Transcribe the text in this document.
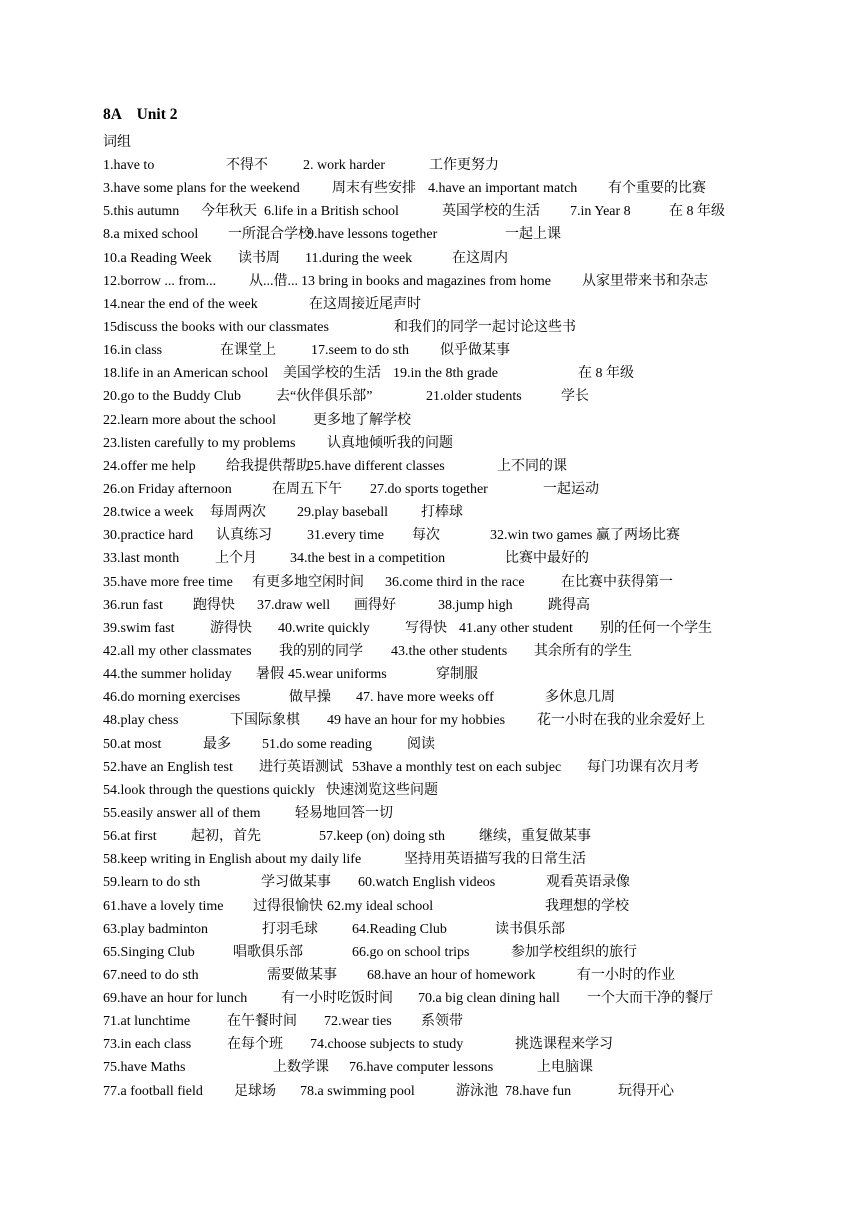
8A    Unit 2
词组
1.have to	不得不	2. work harder	工作更努力
3.have some plans for the weekend 周末有些安排 4.have an important match 有个重要的比赛
5.this autumn 今年秋天 6.life in a British school	英国学校的生活 7.in Year 8	在 8 年级
8.a mixed school 一所混合学校
9.have lessons together	一起上课
10.a Reading Week 读书周 11.during the week	在这周内
12.borrow ... from... 从...借... 13 bring in books and magazines from home 从家里带来书和杂志
14.near the end of the week	在这周接近尾声时
15discuss the books with our classmates	和我们的同学一起讨论这些书
16.in class	在课堂上	17.seem to do sth 似乎做某事
18.life in an American school 美国学校的生活 19.in the 8th grade	在 8 年级
20.go to the Buddy Club 去“伙伴俱乐部”	21.older students	学长
22.learn more about the school	更多地了解学校
23.listen carefully to my problems 认真地倾听我的问题
24.offer me help 给我提供帮助
25.have different classes	上不同的课
26.on Friday afternoon	在周五下午 27.do sports together	一起运动
28.twice a week 每周两次 29.play baseball 打棒球
30.practice hard 认真练习	31.every time 每次	32.win two games 赢了两场比赛
33.last month	上个月 34.the best in a competition	比赛中最好的
35.have more free time 有更多地空闲时间 36.come third in the race	在比赛中获得第一
36.run fast 跑得快 37.draw well 画得好	38.jump high	跳得高
39.swim fast	游得快 40.write quickly	写得快 41.any other student 别的任何一个学生
42.all my other classmates 我的别的同学 43.the other students 其余所有的学生
44.the summer holiday 暑假 45.wear uniforms	穿制服
46.do morning exercises	做早操 47. have more weeks off	多休息几周
48.play chess	下国际象棋 49 have an hour for my hobbies 花一小时在我的业余爱好上
50.at most	最多 51.do some reading 阅读
52.have an English test 进行英语测试 53have a monthly test on each subjec 每门功课有次月考
54.look through the questions quickly 快速浏览这些问题
55.easily answer all of them 轻易地回答一切
56.at first 起初，首先	57.keep (on) doing sth 继续，重复做某事
58.keep writing in English about my daily life	坚持用英语描写我的日常生活
59.learn to do sth	学习做某事 60.watch English videos	观看英语录像
61.have a lovely time 过得很愉快 62.my ideal school	我理想的学校
63.play badminton	打羽毛球 64.Reading Club	读书俱乐部
65.Singing Club	唱歌俱乐部	66.go on school trips	参加学校组织的旅行
67.need to do sth	需要做某事 68.have an hour of homework	有一小时的作业
69.have an hour for lunch 有一小时吃饭时间 70.a big clean dining hall 一个大而干净的餐厅
71.at lunchtime	在午餐时间 72.wear ties 系领带
73.in each class	在每个班 74.choose subjects to study	挑选课程来学习
75.have Maths	上数学课 76.have computer lessons	上电脑课
77.a football field 足球场 78.a swimming pool	游泳池 78.have fun	玩得开心
